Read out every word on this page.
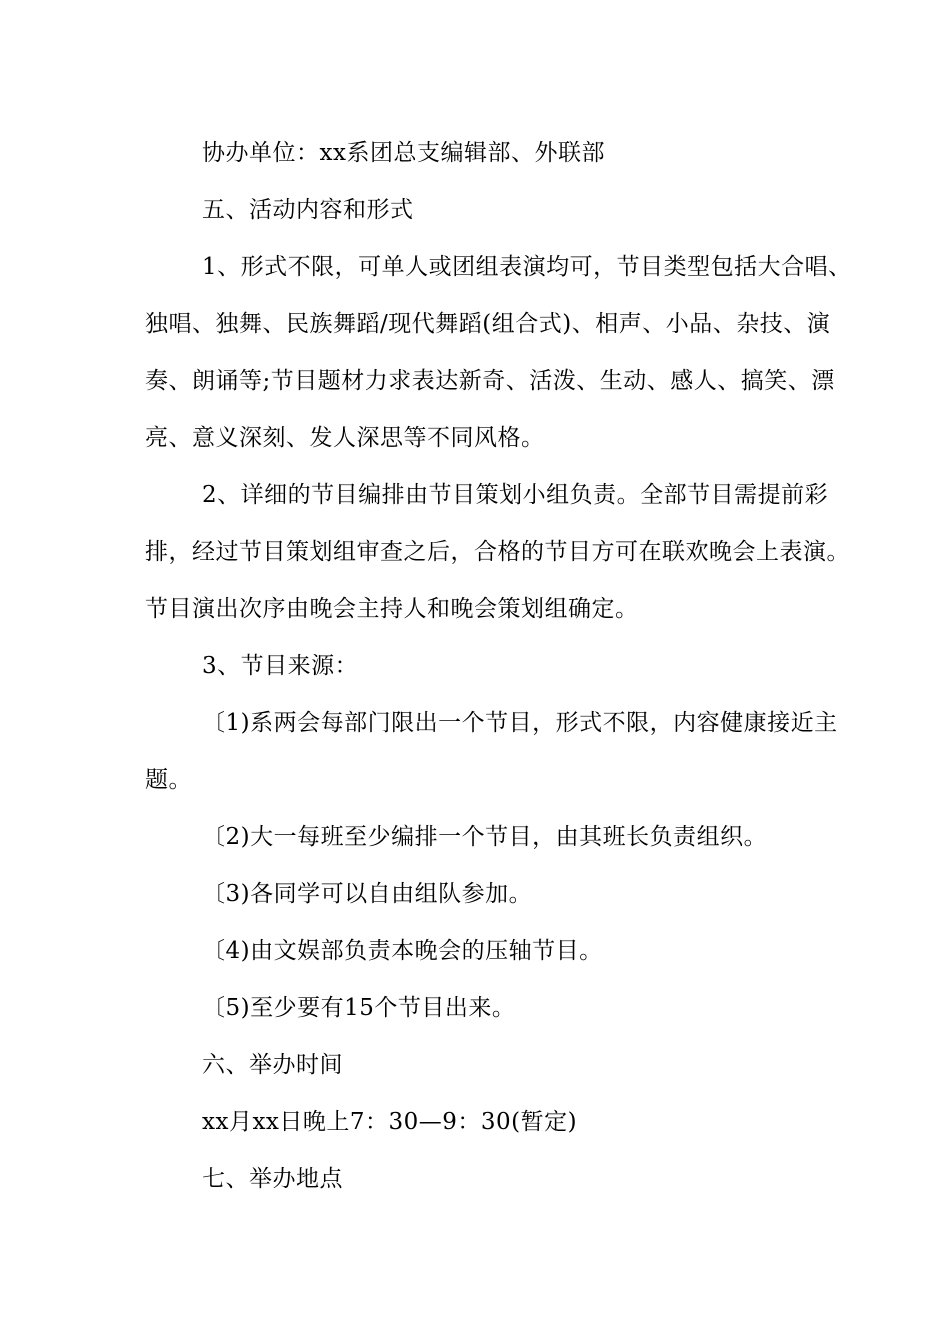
协办单位：xx系团总支编辑部、外联部
五、活动内容和形式
1、形式不限，可单人或团组表演均可，节目类型包括大合唱、
独唱、独舞、民族舞蹈/现代舞蹈(组合式)、相声、小品、杂技、演
奏、朗诵等;节目题材力求表达新奇、活泼、生动、感人、搞笑、漂
亮、意义深刻、发人深思等不同风格。
2、详细的节目编排由节目策划小组负责。全部节目需提前彩
排，经过节目策划组审查之后，合格的节目方可在联欢晚会上表演。
节目演出次序由晚会主持人和晚会策划组确定。
3、节目来源：
〔1)系两会每部门限出一个节目，形式不限，内容健康接近主
题。
〔2)大一每班至少编排一个节目，由其班长负责组织。
〔3)各同学可以自由组队参加。
〔4)由文娱部负责本晚会的压轴节目。
〔5)至少要有15个节目出来。
六、举办时间
xx月xx日晚上7：30—9：30(暂定)
七、举办地点
